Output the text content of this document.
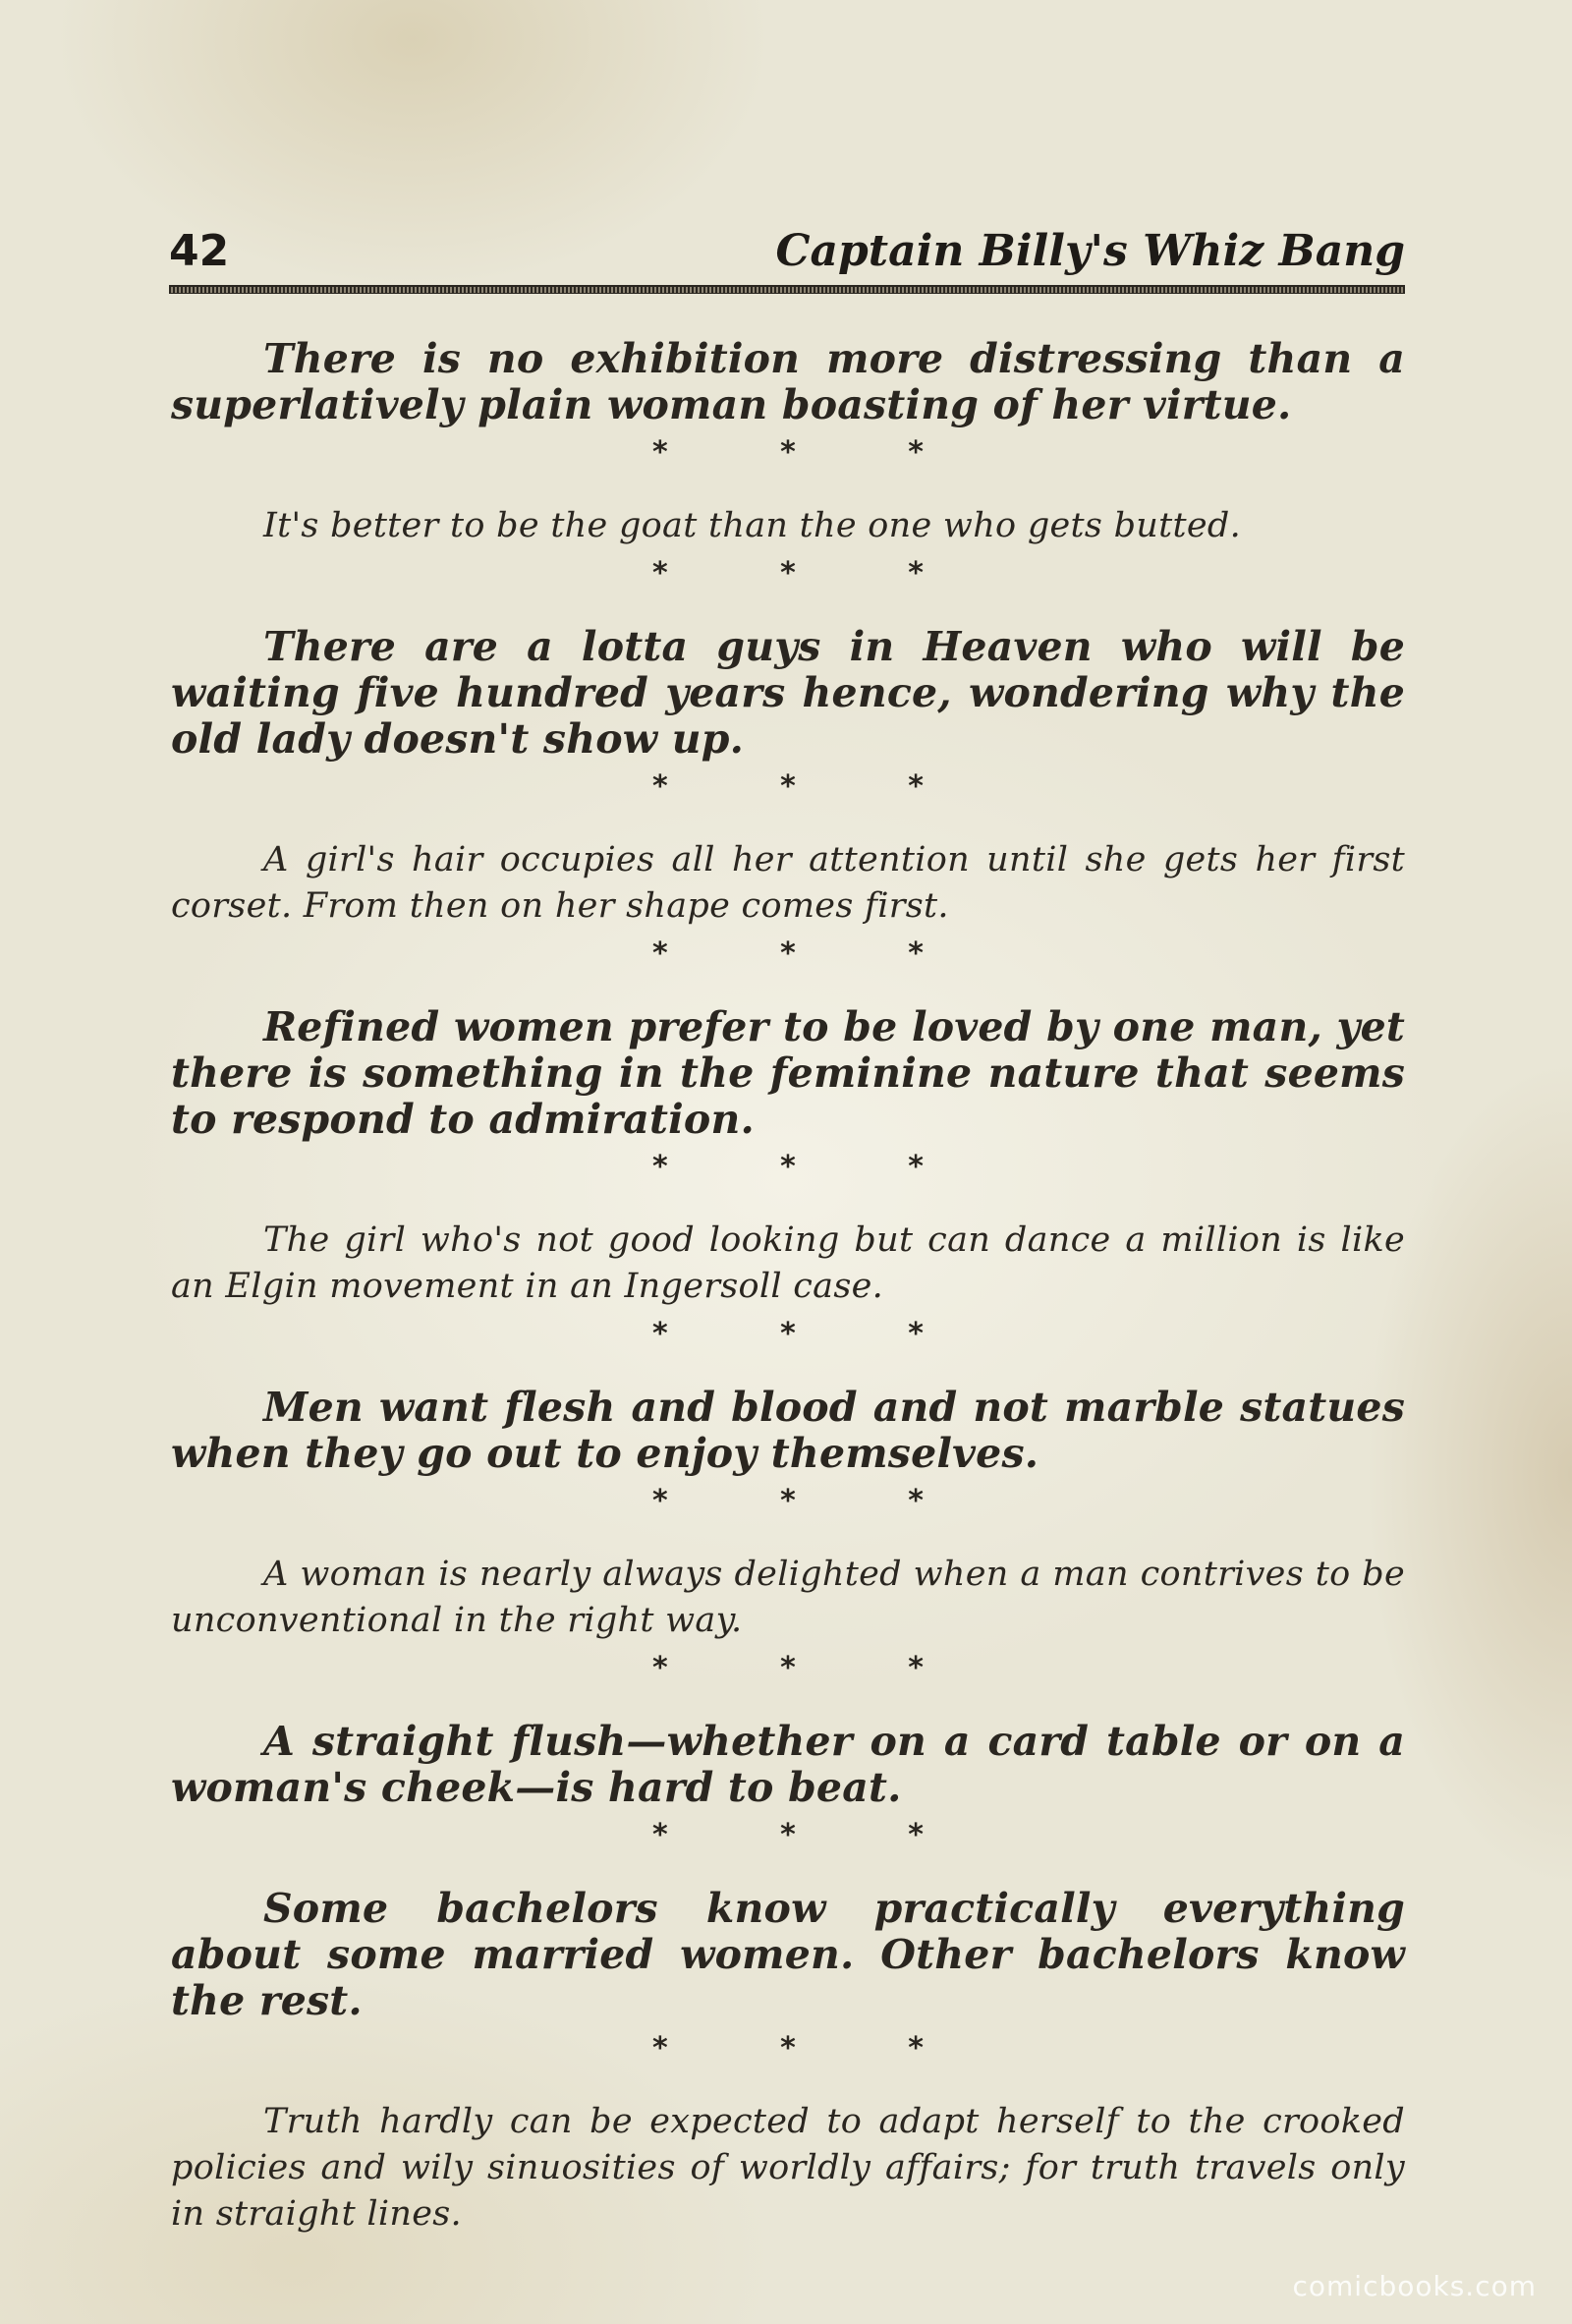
42	Captain Billy's Whiz Bang

There is no exhibition more distressing than a superlatively plain woman boasting of her virtue.

* * *

It's better to be the goat than the one who gets butted.

* * *

There are a lotta guys in Heaven who will be waiting five hundred years hence, wondering why the old lady doesn't show up.

* * *

A girl's hair occupies all her attention until she gets her first corset. From then on her shape comes first.

* * *

Refined women prefer to be loved by one man, yet there is something in the feminine nature that seems to respond to admiration.

* * *

The girl who's not good looking but can dance a million is like an Elgin movement in an Ingersoll case.

* * *

Men want flesh and blood and not marble statues when they go out to enjoy themselves.

* * *

A woman is nearly always delighted when a man contrives to be unconventional in the right way.

* * *

A straight flush—whether on a card table or on a woman's cheek—is hard to beat.

* * *

Some bachelors know practically everything about some married women. Other bachelors know the rest.

* * *

Truth hardly can be expected to adapt herself to the crooked policies and wily sinuosities of worldly affairs; for truth travels only in straight lines.

comicbooks.com
